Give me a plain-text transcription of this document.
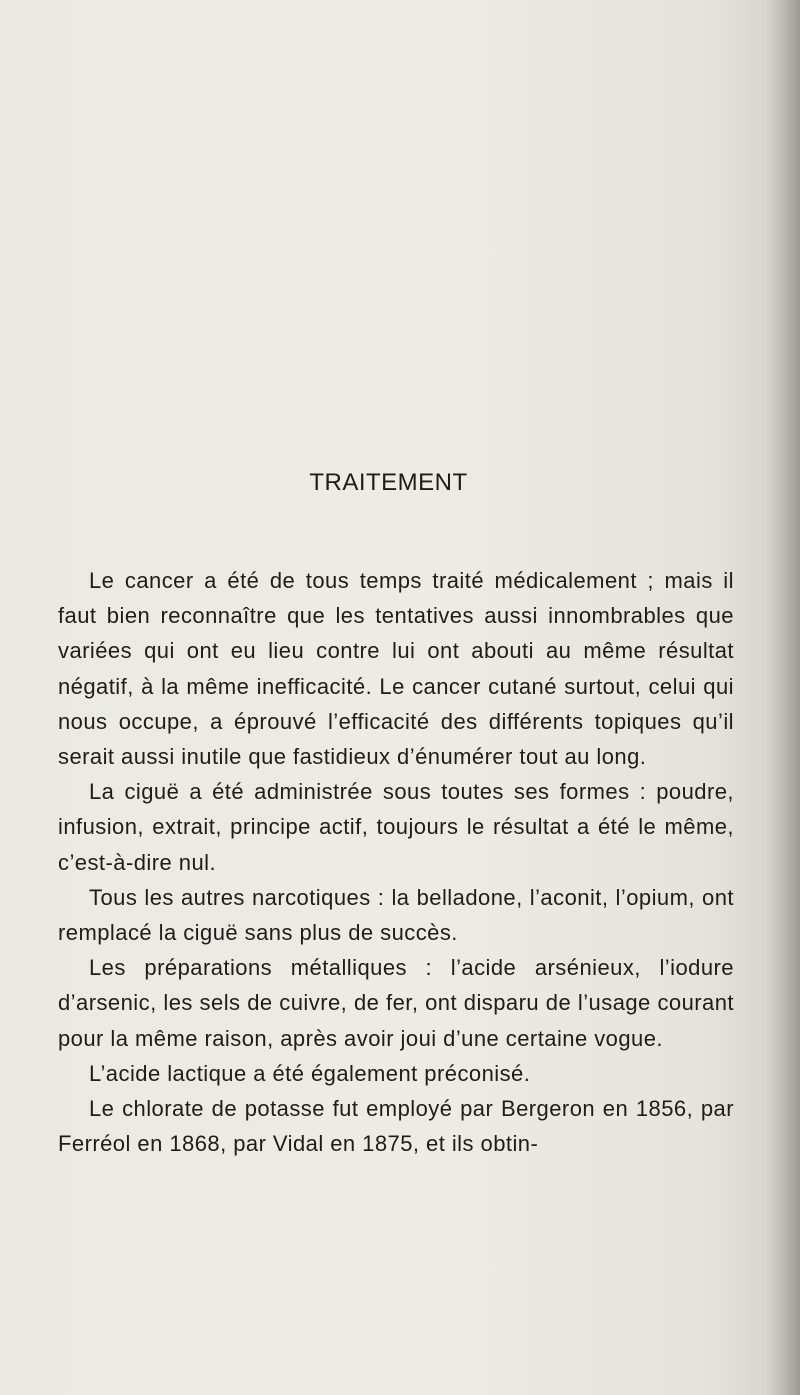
TRAITEMENT

Le cancer a été de tous temps traité médicalement ; mais il faut bien reconnaître que les tentatives aussi innombrables que variées qui ont eu lieu contre lui ont abouti au même résultat négatif, à la même inefficacité. Le cancer cutané surtout, celui qui nous occupe, a éprouvé l’efficacité des différents topiques qu’il serait aussi inutile que fastidieux d’énumérer tout au long.

La ciguë a été administrée sous toutes ses formes : poudre, infusion, extrait, principe actif, toujours le résultat a été le même, c’est-à-dire nul.

Tous les autres narcotiques : la belladone, l’aconit, l’opium, ont remplacé la ciguë sans plus de succès.

Les préparations métalliques : l’acide arsénieux, l’iodure d’arsenic, les sels de cuivre, de fer, ont disparu de l’usage courant pour la même raison, après avoir joui d’une certaine vogue.

L’acide lactique a été également préconisé.

Le chlorate de potasse fut employé par Bergeron en 1856, par Ferréol en 1868, par Vidal en 1875, et ils obtin-
